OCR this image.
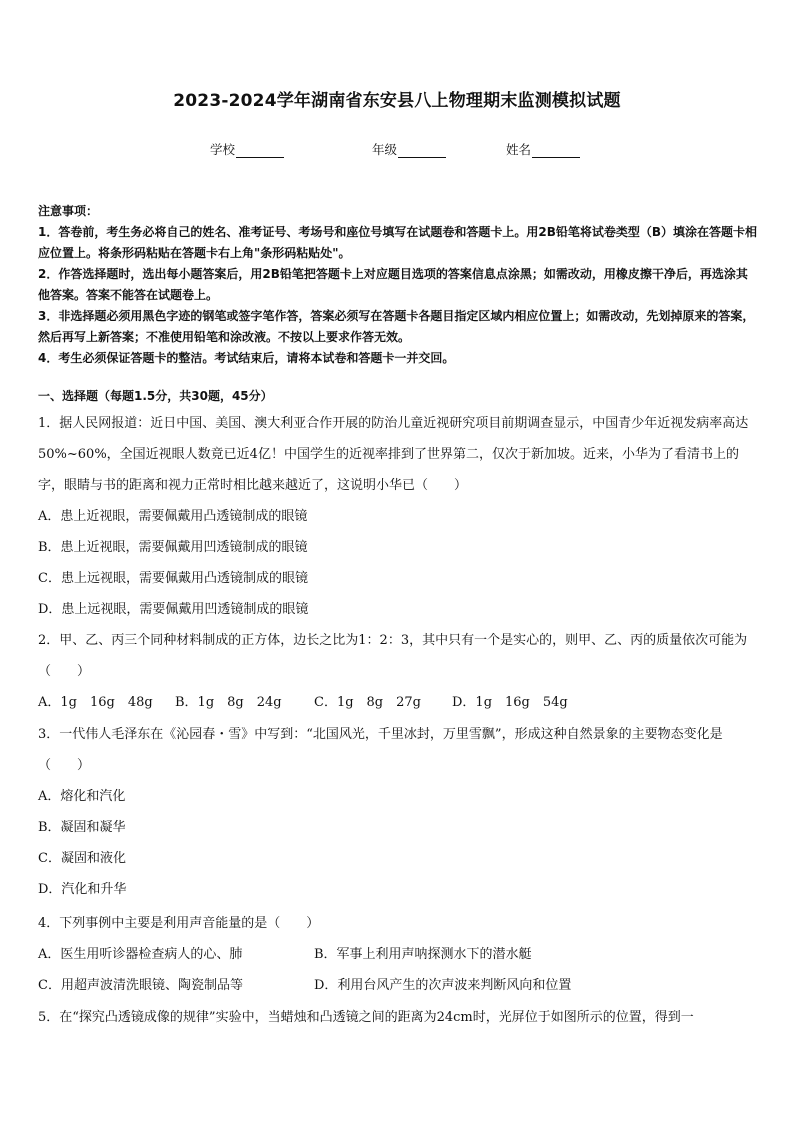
2023-2024学年湖南省东安县八上物理期末监测模拟试题
学校	年级	姓名

注意事项：

1．答卷前，考生务必将自己的姓名、准考证号、考场号和座位号填写在试题卷和答题卡上。用2B铅笔将试卷类型（B）填涂在答题卡相应位置上。将条形码粘贴在答题卡右上角"条形码粘贴处"。

2．作答选择题时，选出每小题答案后，用2B铅笔把答题卡上对应题目选项的答案信息点涂黑；如需改动，用橡皮擦干净后，再选涂其他答案。答案不能答在试题卷上。

3．非选择题必须用黑色字迹的钢笔或签字笔作答，答案必须写在答题卡各题目指定区域内相应位置上；如需改动，先划掉原来的答案，然后再写上新答案；不准使用铅笔和涂改液。不按以上要求作答无效。

4．考生必须保证答题卡的整洁。考试结束后，请将本试卷和答题卡一并交回。

一、选择题（每题1.5分，共30题，45分）

1．据人民网报道：近日中国、美国、澳大利亚合作开展的防治儿童近视研究项目前期调查显示，中国青少年近视发病率高达50%~60%，全国近视眼人数竟已近4亿！中国学生的近视率排到了世界第二，仅次于新加坡。近来，小华为了看清书上的字，眼睛与书的距离和视力正常时相比越来越近了，这说明小华已（　　）

A．患上近视眼，需要佩戴用凸透镜制成的眼镜

B．患上近视眼，需要佩戴用凹透镜制成的眼镜

C．患上远视眼，需要佩戴用凸透镜制成的眼镜

D．患上远视眼，需要佩戴用凹透镜制成的眼镜

2．甲、乙、丙三个同种材料制成的正方体，边长之比为1：2：3，其中只有一个是实心的，则甲、乙、丙的质量依次可能为（　　）

A．1g　16g　48g B．1g　8g　24g C．1g　8g　27g D．1g　16g　54g

3．一代伟人毛泽东在《沁园春・雪》中写到：“北国风光，千里冰封，万里雪飘”，形成这种自然景象的主要物态变化是（　　）

A．熔化和汽化

B．凝固和凝华

C．凝固和液化

D．汽化和升华

4．下列事例中主要是利用声音能量的是（　　）

A．医生用听诊器检查病人的心、肺	B．军事上利用声呐探测水下的潜水艇
C．用超声波清洗眼镜、陶瓷制品等	D．利用台风产生的次声波来判断风向和位置

5．在“探究凸透镜成像的规律”实验中，当蜡烛和凸透镜之间的距离为24cm时，光屏位于如图所示的位置，得到一
